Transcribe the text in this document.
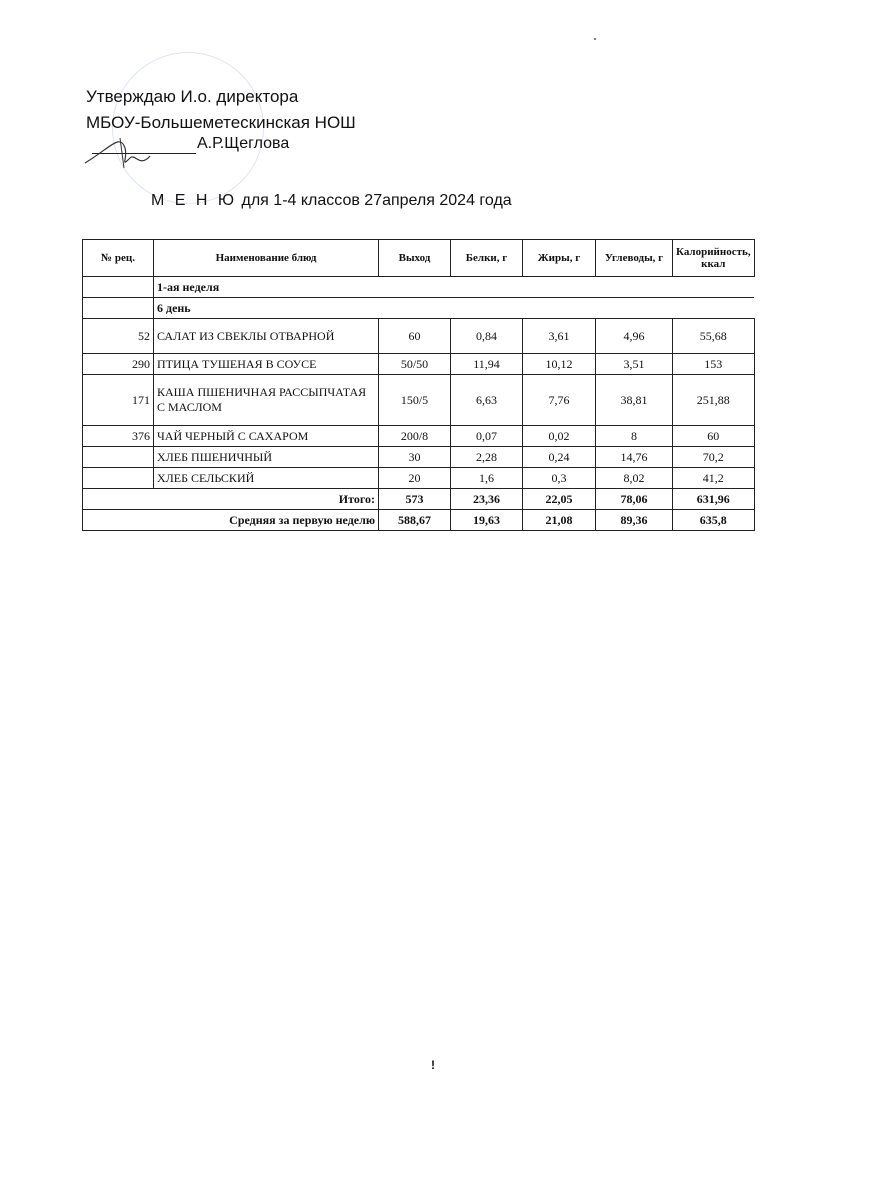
Утверждаю И.о. директора
МБОУ-Большеметескинская НОШ
А.Р.Щеглова
М Е Н Ю для 1-4 классов 27апреля 2024 года
№ рец.	Наименование блюд	Выход	Белки, г	Жиры, г	Углеводы, г	Калорийность, ккал
	1-ая неделя					
	6 день					
52	САЛАТ ИЗ СВЕКЛЫ ОТВАРНОЙ	60	0,84	3,61	4,96	55,68
290	ПТИЦА ТУШЕНАЯ В СОУСЕ	50/50	11,94	10,12	3,51	153
171	КАША ПШЕНИЧНАЯ РАССЫПЧАТАЯ С МАСЛОМ	150/5	6,63	7,76	38,81	251,88
376	ЧАЙ ЧЕРНЫЙ С САХАРОМ	200/8	0,07	0,02	8	60
	ХЛЕБ ПШЕНИЧНЫЙ	30	2,28	0,24	14,76	70,2
	ХЛЕБ СЕЛЬСКИЙ	20	1,6	0,3	8,02	41,2
	Итого:	573	23,36	22,05	78,06	631,96
	Средняя за первую неделю	588,67	19,63	21,08	89,36	635,8
!
